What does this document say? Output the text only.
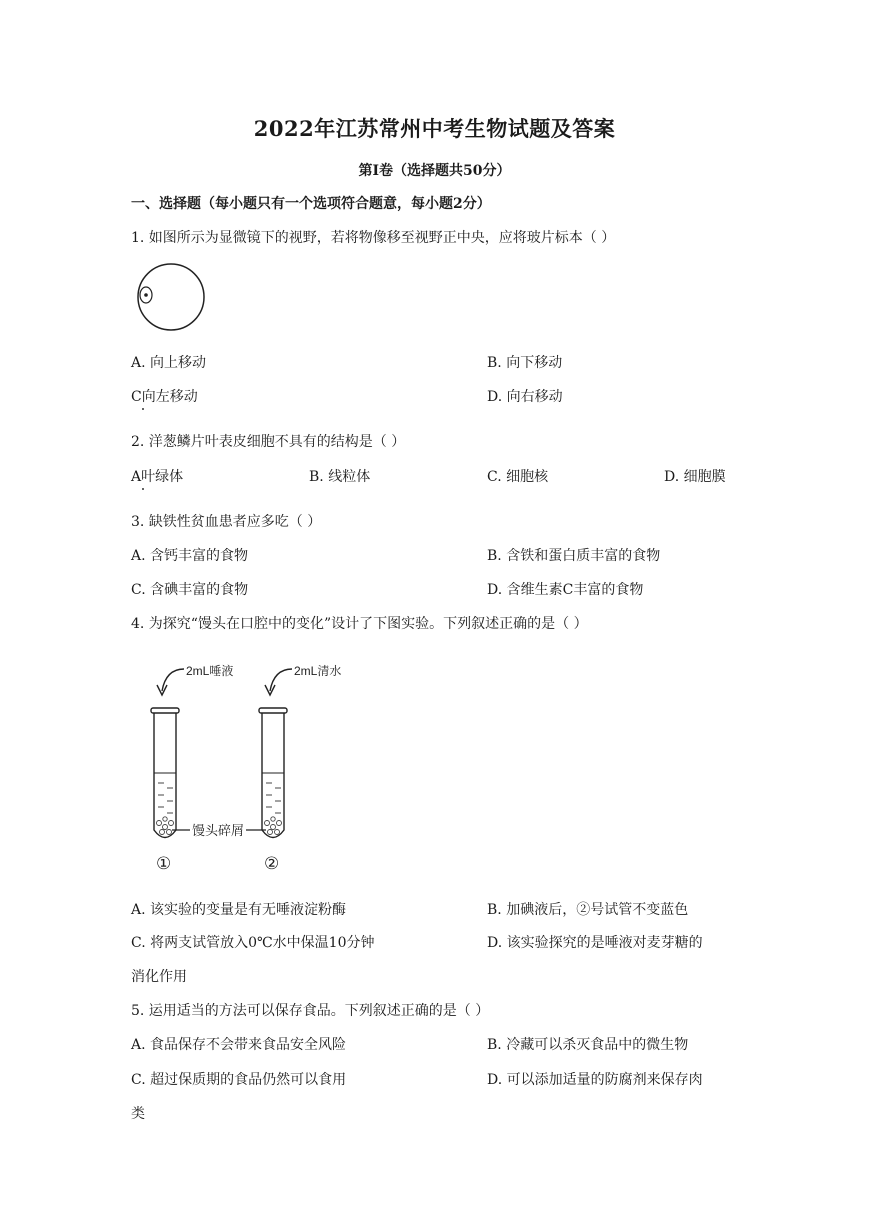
2022年江苏常州中考生物试题及答案
第Ⅰ卷（选择题共50分）
一、选择题（每小题只有一个选项符合题意，每小题2分）
1. 如图所示为显微镜下的视野，若将物像移至视野正中央，应将玻片标本（ ）
A. 向上移动	B. 向下移动
C向左移动	D. 向右移动
2. 洋葱鳞片叶表皮细胞不具有的结构是（ ）
A叶绿体	B. 线粒体	C. 细胞核	D. 细胞膜
3. 缺铁性贫血患者应多吃（ ）
A. 含钙丰富的食物	B. 含铁和蛋白质丰富的食物
C. 含碘丰富的食物	D. 含维生素C丰富的食物
4. 为探究“馒头在口腔中的变化”设计了下图实验。下列叙述正确的是（ ）
2mL唾液	2mL清水
馒头碎屑
①	②
A. 该实验的变量是有无唾液淀粉酶	B. 加碘液后，②号试管不变蓝色
C. 将两支试管放入0℃水中保温10分钟	D. 该实验探究的是唾液对麦芽糖的
消化作用
5. 运用适当的方法可以保存食品。下列叙述正确的是（ ）
A. 食品保存不会带来食品安全风险	B. 冷藏可以杀灭食品中的微生物
C. 超过保质期的食品仍然可以食用	D. 可以添加适量的防腐剂来保存肉
类
